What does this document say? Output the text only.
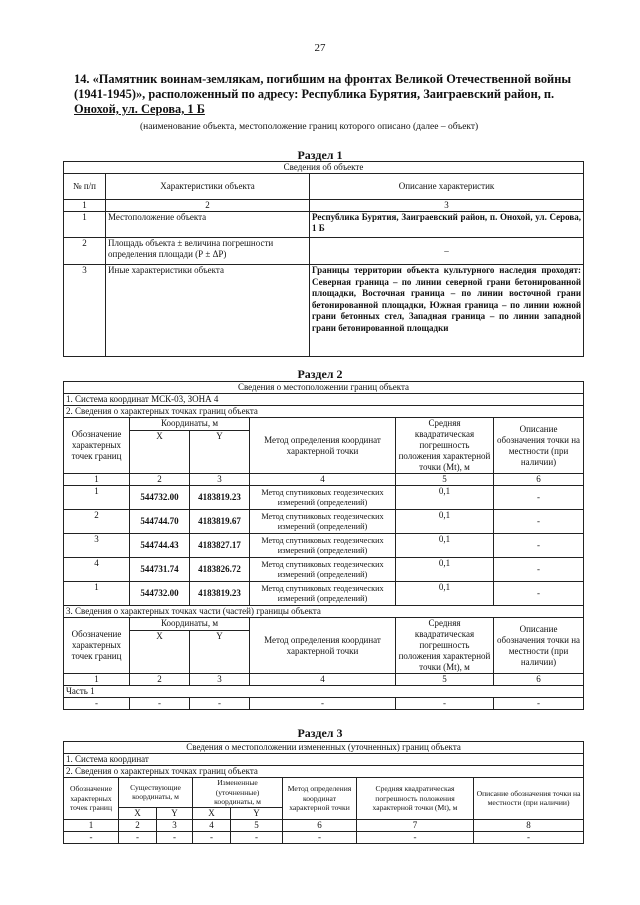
27
14. «Памятник воинам-землякам, погибшим на фронтах Великой Отечественной войны
(1941-1945)», расположенный по адресу: Республика Бурятия, Заиграевский район, п.
Онохой, ул. Серова, 1 Б
(наименование объекта, местоположение границ которого описано (далее – объект)
Раздел 1
Сведения об объекте		
№ п/п	Характеристики объекта	Описание характеристик
1	2	3
1	Местоположение объекта	Республика Бурятия, Заиграевский район, п. Онохой, ул. Серова, 1 Б
2	Площадь объекта ± величина погрешности определения площади (Р ± ΔР)	–
3	Иные характеристики объекта	Границы территории объекта культурного наследия проходят: Северная граница – по линии северной грани бетонированной площадки, Восточная граница – по линии восточной грани бетонированной площадки, Южная граница – по линии южной грани бетонных стел, Западная граница – по линии западной грани бетонированной площадки
Раздел 2
Сведения о местоположении границ объекта					
1. Система координат МСК-03, ЗОНА 4					
2. Сведения о характерных точках границ объекта					
Обозначение характерных точек границ	Координаты, м		Метод определения координат характерной точки	Средняя квадратическая погрешность положения характерной точки (Мt), м	Описание обозначения точки на местности (при наличии)
	X	Y			
1	2	3	4	5	6
1	544732.00	4183819.23	Метод спутниковых геодезических измерений (определений)	0,1	-
2	544744.70	4183819.67	Метод спутниковых геодезических измерений (определений)	0,1	-
3	544744.43	4183827.17	Метод спутниковых геодезических измерений (определений)	0,1	-
4	544731.74	4183826.72	Метод спутниковых геодезических измерений (определений)	0,1	-
1	544732.00	4183819.23	Метод спутниковых геодезических измерений (определений)	0,1	-
3. Сведения о характерных точках части (частей) границы объекта					
Обозначение характерных точек границ	Координаты, м		Метод определения координат характерной точки	Средняя квадратическая погрешность положения характерной точки (Мt), м	Описание обозначения точки на местности (при наличии)
	X	Y			
1	2	3	4	5	6
Часть 1					
-	-	-	-	-	-
Раздел 3
Сведения о местоположении измененных (уточненных) границ объекта							
1. Система координат							
2. Сведения о характерных точках границ объекта							
Обозначение характерных точек границ	Существующие координаты, м		Измененные (уточненные) координаты, м		Метод определения координат характерной точки	Средняя квадратическая погрешность положения характерной точки (Мt), м	Описание обозначения точки на местности (при наличии)
	X	Y	X	Y			
1	2	3	4	5	6	7	8
-	-	-	-	-	-	-	-
